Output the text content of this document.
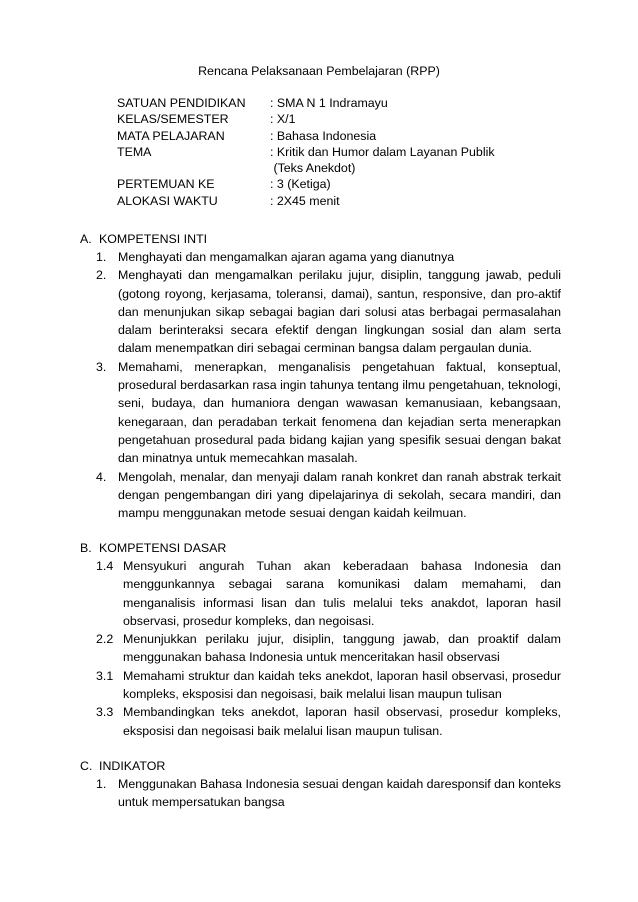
Rencana Pelaksanaan Pembelajaran (RPP)
SATUAN PENDIDIKAN	: SMA N 1 Indramayu
KELAS/SEMESTER	: X/1
MATA PELAJARAN	: Bahasa Indonesia
TEMA	: Kritik dan Humor dalam Layanan Publik
(Teks Anekdot)
PERTEMUAN KE	: 3 (Ketiga)
ALOKASI WAKTU	: 2X45 menit
A. KOMPETENSI INTI
1. Menghayati dan mengamalkan ajaran agama yang dianutnya
2. Menghayati dan mengamalkan perilaku jujur, disiplin, tanggung jawab, peduli (gotong royong, kerjasama, toleransi, damai), santun, responsive, dan pro-aktif dan menunjukan sikap sebagai bagian dari solusi atas berbagai permasalahan dalam berinteraksi secara efektif dengan lingkungan sosial dan alam serta dalam menempatkan diri sebagai cerminan bangsa dalam pergaulan dunia.
3. Memahami, menerapkan, menganalisis pengetahuan faktual, konseptual, prosedural berdasarkan rasa ingin tahunya tentang ilmu pengetahuan, teknologi, seni, budaya, dan humaniora dengan wawasan kemanusiaan, kebangsaan, kenegaraan, dan peradaban terkait fenomena dan kejadian serta menerapkan pengetahuan prosedural pada bidang kajian yang spesifik sesuai dengan bakat dan minatnya untuk memecahkan masalah.
4. Mengolah, menalar, dan menyaji dalam ranah konkret dan ranah abstrak terkait dengan pengembangan diri yang dipelajarinya di sekolah, secara mandiri, dan mampu menggunakan metode sesuai dengan kaidah keilmuan.
B. KOMPETENSI DASAR
1.4 Mensyukuri angurah Tuhan akan keberadaan bahasa Indonesia dan menggunkannya sebagai sarana komunikasi dalam memahami, dan menganalisis informasi lisan dan tulis melalui teks anakdot, laporan hasil observasi, prosedur kompleks, dan negoisasi.
2.2 Menunjukkan perilaku jujur, disiplin, tanggung jawab, dan proaktif dalam menggunakan bahasa Indonesia untuk menceritakan hasil observasi
3.1 Memahami struktur dan kaidah teks anekdot, laporan hasil observasi, prosedur kompleks, eksposisi dan negoisasi, baik melalui lisan maupun tulisan
3.3 Membandingkan teks anekdot, laporan hasil observasi, prosedur kompleks, eksposisi dan negoisasi baik melalui lisan maupun tulisan.
C. INDIKATOR
1. Menggunakan Bahasa Indonesia sesuai dengan kaidah daresponsif dan konteks untuk mempersatukan bangsa
